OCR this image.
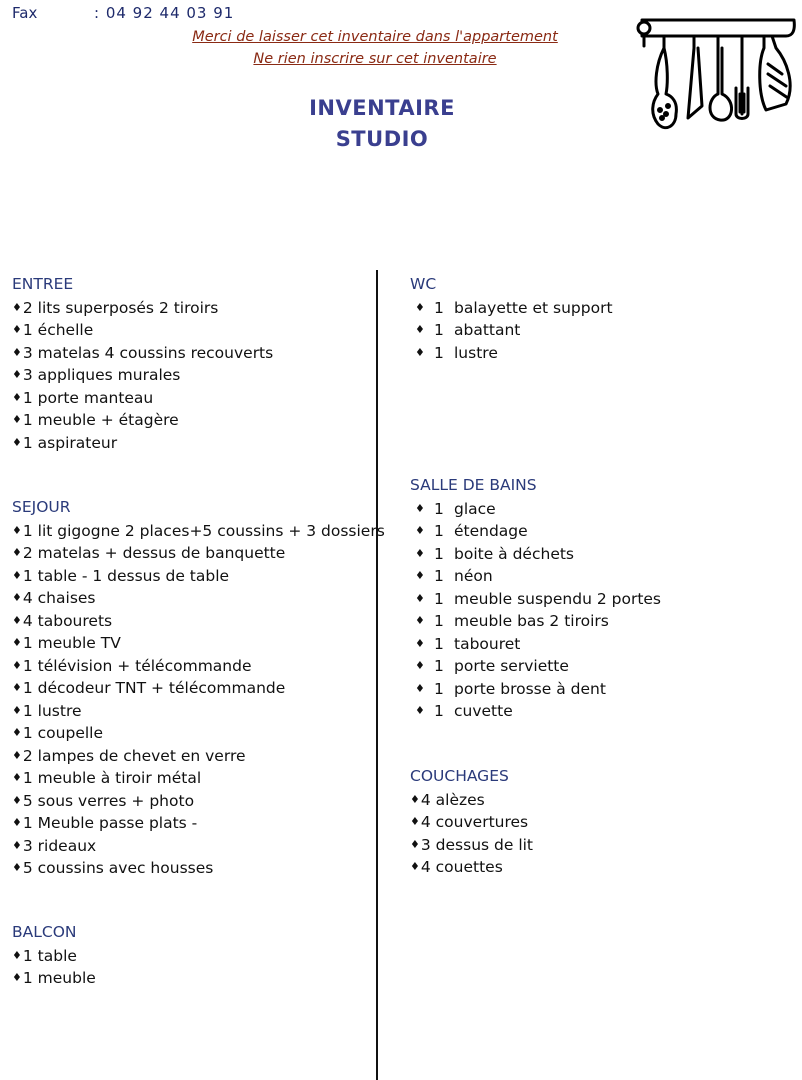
Fax	: 04 92 44 03 91
Merci de laisser cet inventaire dans l'appartement
Ne rien inscrire sur cet inventaire
INVENTAIRE
STUDIO
ENTREE
♦2 lits superposés 2 tiroirs
♦1 échelle
♦3 matelas 4 coussins recouverts
♦3 appliques murales
♦1 porte manteau
♦1 meuble + étagère
♦1 aspirateur
SEJOUR
♦1 lit gigogne 2 places+5 coussins + 3 dossiers
♦2 matelas + dessus de banquette
♦1 table - 1 dessus de table
♦4 chaises
♦4 tabourets
♦1 meuble TV
♦1 télévision + télécommande
♦1 décodeur TNT + télécommande
♦1 lustre
♦1 coupelle
♦2 lampes de chevet en verre
♦1 meuble à tiroir métal
♦5 sous verres + photo
♦1 Meuble passe plats -
♦3 rideaux
♦5 coussins avec housses
BALCON
♦1 table
♦1 meuble
WC
♦ 1 balayette et support
♦ 1 abattant
♦ 1 lustre
SALLE DE BAINS
♦ 1 glace
♦ 1 étendage
♦ 1 boite à déchets
♦ 1 néon
♦ 1 meuble suspendu 2 portes
♦ 1 meuble bas 2 tiroirs
♦ 1 tabouret
♦ 1 porte serviette
♦ 1 porte brosse à dent
♦ 1 cuvette
COUCHAGES
♦4 alèzes
♦4 couvertures
♦3 dessus de lit
♦4 couettes
